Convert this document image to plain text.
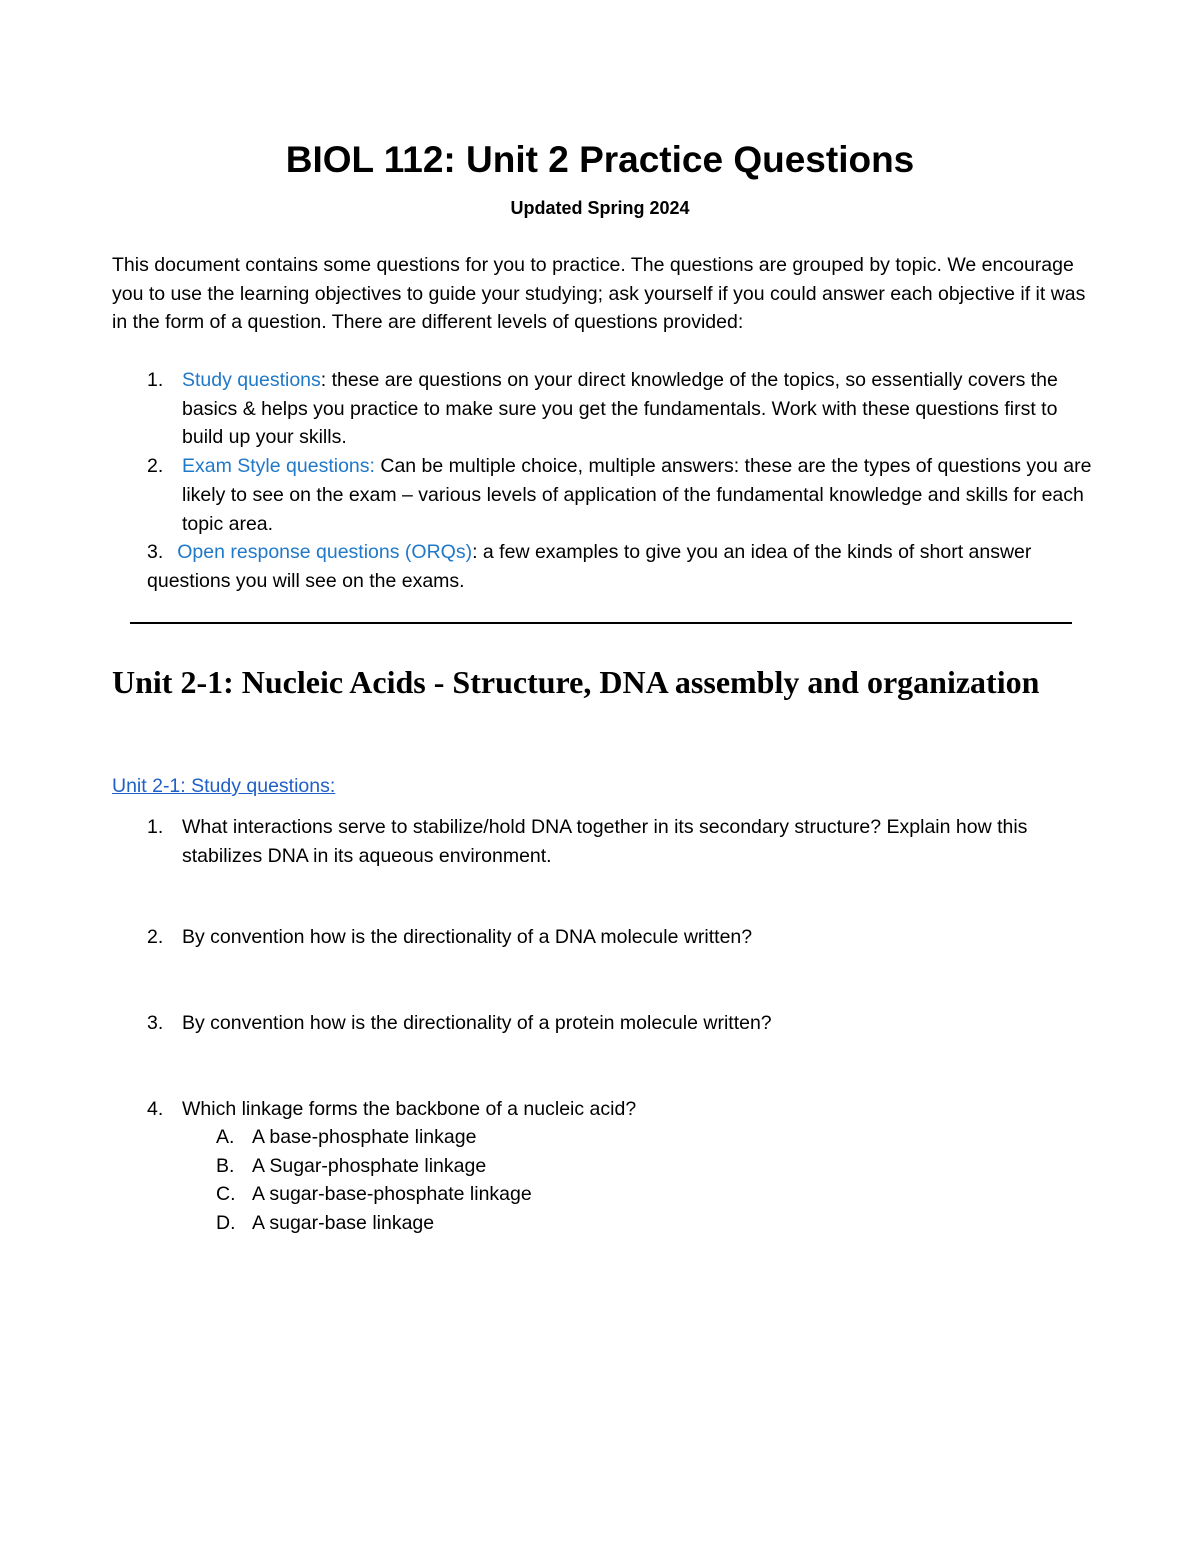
BIOL 112: Unit 2 Practice Questions
Updated Spring 2024

This document contains some questions for you to practice. The questions are grouped by topic. We encourage you to use the learning objectives to guide your studying; ask yourself if you could answer each objective if it was in the form of a question. There are different levels of questions provided:

1. Study questions: these are questions on your direct knowledge of the topics, so essentially covers the basics & helps you practice to make sure you get the fundamentals. Work with these questions first to build up your skills.
2. Exam Style questions: Can be multiple choice, multiple answers: these are the types of questions you are likely to see on the exam – various levels of application of the fundamental knowledge and skills for each topic area.
3. Open response questions (ORQs): a few examples to give you an idea of the kinds of short answer questions you will see on the exams.
Unit 2-1: Nucleic Acids - Structure, DNA assembly and organization
Unit 2-1: Study questions:
1. What interactions serve to stabilize/hold DNA together in its secondary structure? Explain how this stabilizes DNA in its aqueous environment.
2. By convention how is the directionality of a DNA molecule written?
3. By convention how is the directionality of a protein molecule written?
4. Which linkage forms the backbone of a nucleic acid?
A. A base-phosphate linkage
B. A Sugar-phosphate linkage
C. A sugar-base-phosphate linkage
D. A sugar-base linkage
